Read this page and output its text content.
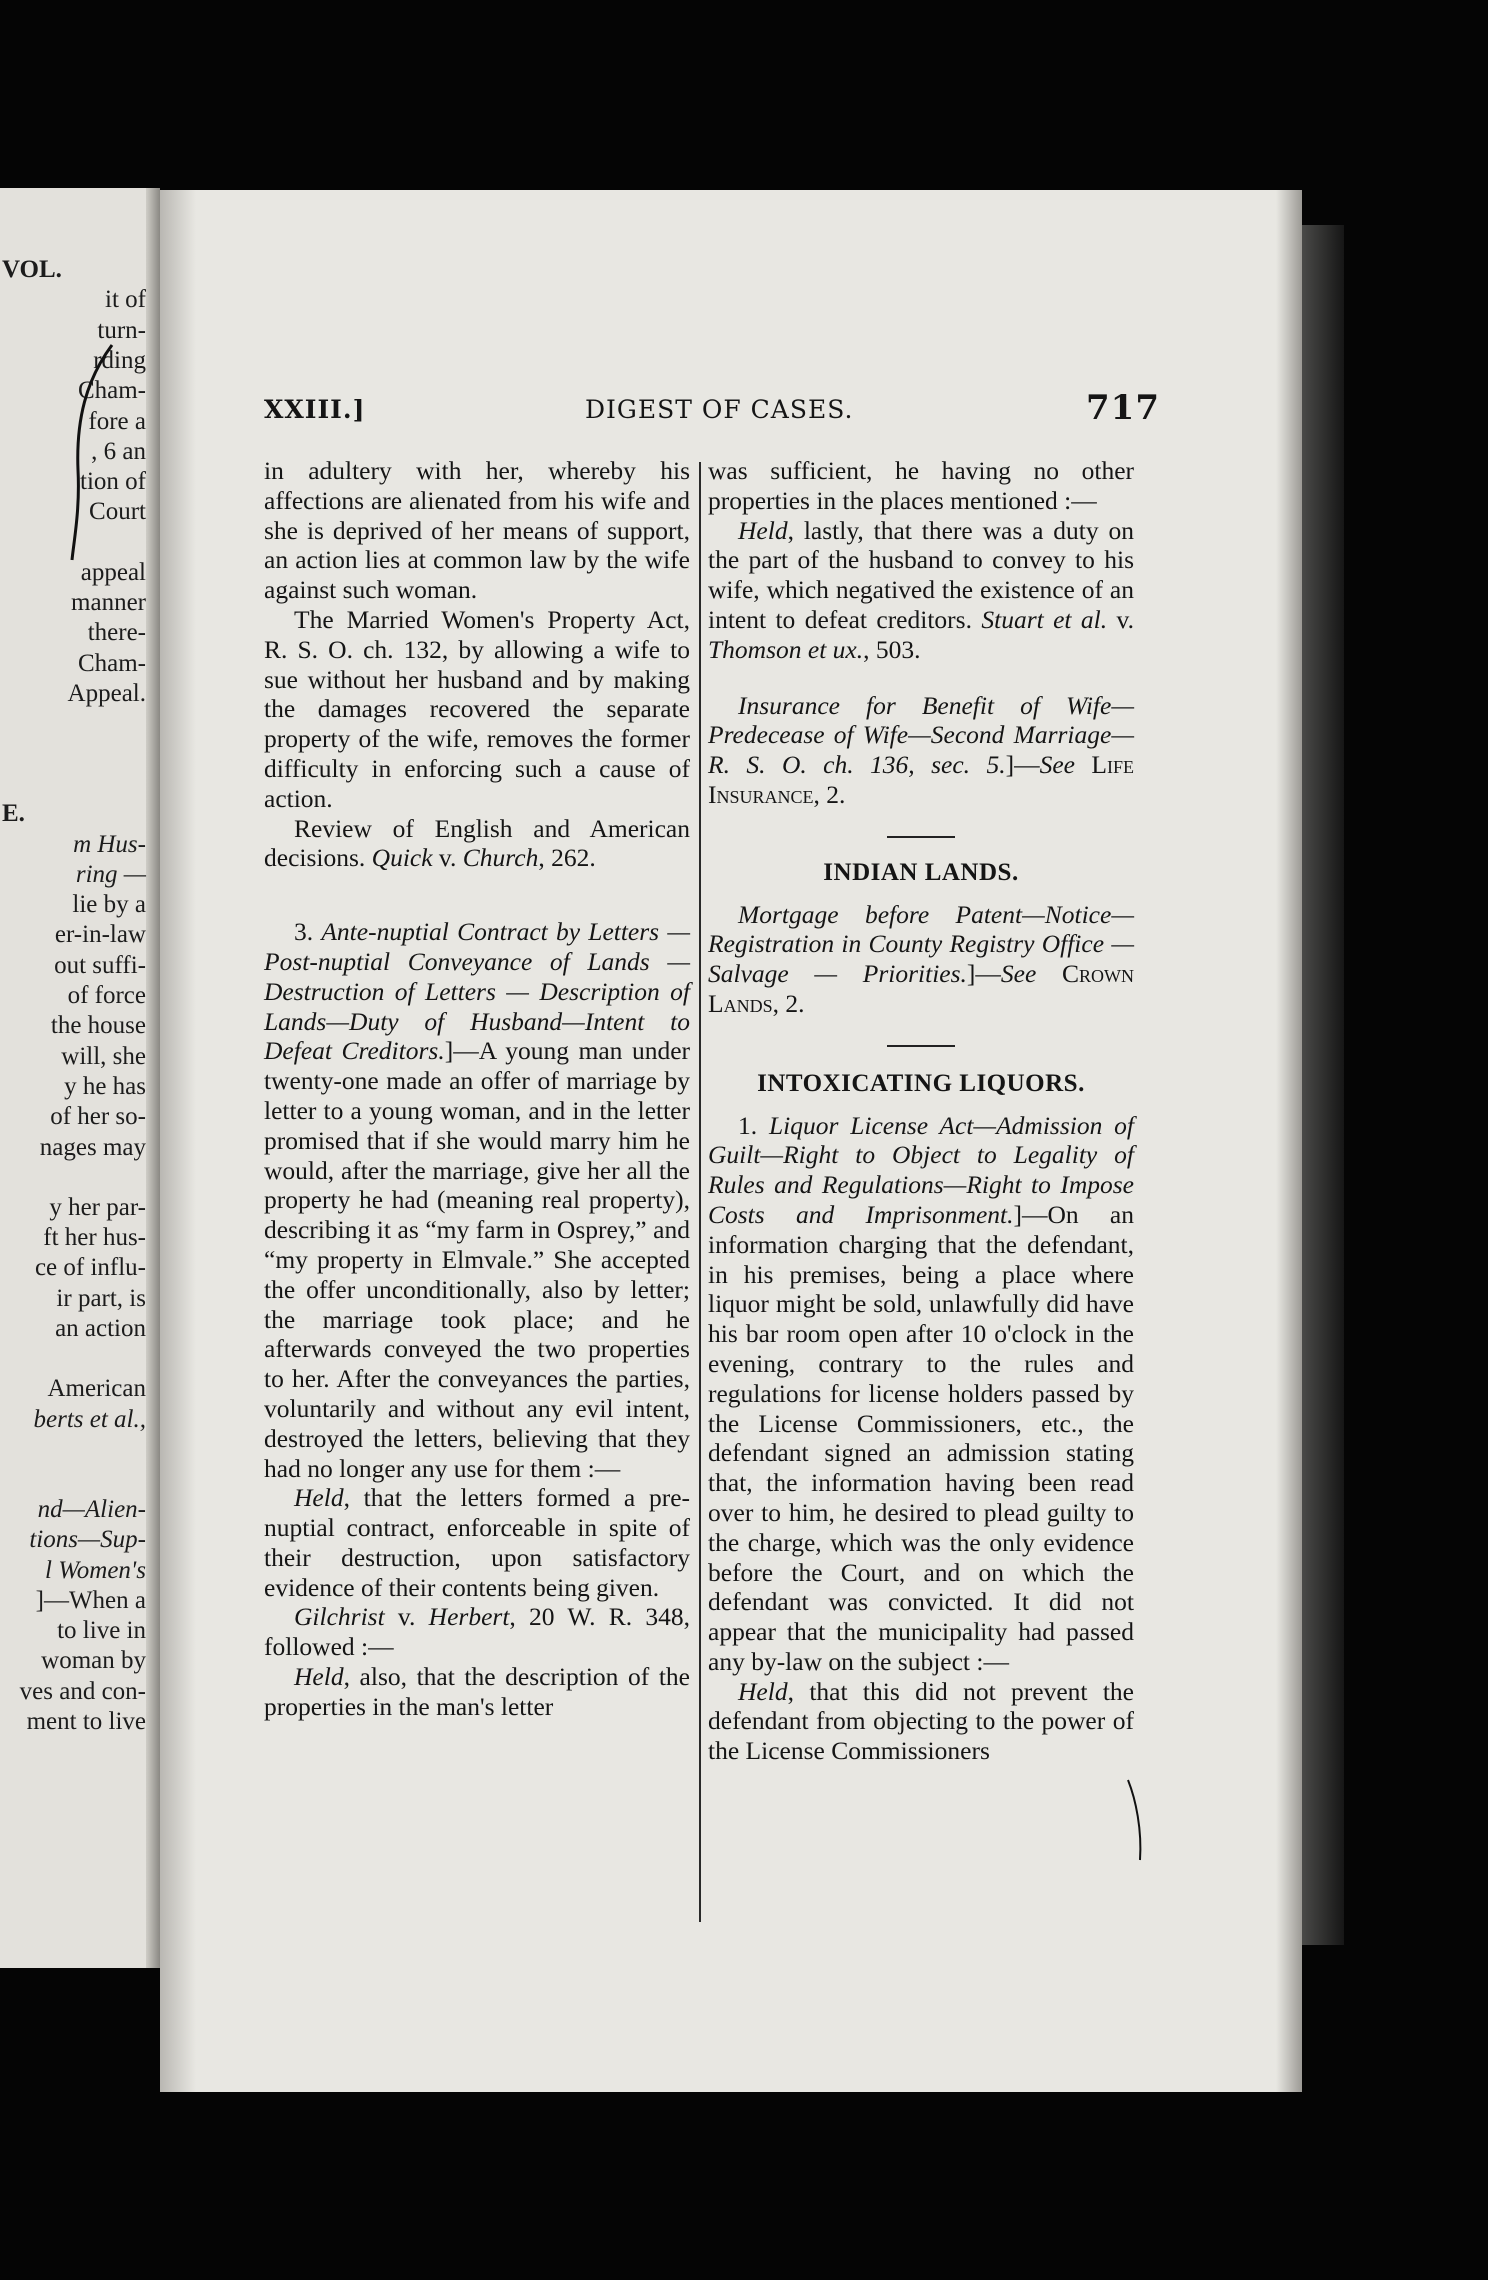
VOL.
it of
turn-
rding
Cham-
fore a
, 6 an
tion of
Court
appeal
manner
there-
Cham-
Appeal.
E.
m Hus-
ring —
lie by a
er-in-law
out suffi-
of force
the house
will, she
y he has
of her so-
nages may
y her par-
ft her hus-
ce of influ-
ir part, is
an action
American
berts et al.,
nd—Alien-
tions—Sup-
l Women's
]—When a
to live in
woman by
ves and con-
ment to live
XXIII.]	DIGEST OF CASES.	717

in adultery with her, whereby his affections are alienated from his wife and she is deprived of her means of support, an action lies at common law by the wife against such woman.

The Married Women's Property Act, R. S. O. ch. 132, by allowing a wife to sue without her husband and by making the damages recovered the separate property of the wife, removes the former difficulty in enforcing such a cause of action.

Review of English and American decisions. Quick v. Church, 262.

3. Ante-nuptial Contract by Letters — Post-nuptial Conveyance of Lands — Destruction of Letters — Description of Lands—Duty of Husband—Intent to Defeat Creditors.]—A young man under twenty-one made an offer of marriage by letter to a young woman, and in the letter promised that if she would marry him he would, after the marriage, give her all the property he had (meaning real property), describing it as “my farm in Osprey,” and “my property in Elmvale.” She accepted the offer unconditionally, also by letter; the marriage took place; and he afterwards conveyed the two properties to her. After the conveyances the parties, voluntarily and without any evil intent, destroyed the letters, believing that they had no longer any use for them :—

Held, that the letters formed a pre-nuptial contract, enforceable in spite of their destruction, upon satisfactory evidence of their contents being given.

Gilchrist v. Herbert, 20 W. R. 348, followed :—

Held, also, that the description of the properties in the man's letter

was sufficient, he having no other properties in the places mentioned :—

Held, lastly, that there was a duty on the part of the husband to convey to his wife, which negatived the existence of an intent to defeat creditors. Stuart et al. v. Thomson et ux., 503.

Insurance for Benefit of Wife—Predecease of Wife—Second Marriage—R. S. O. ch. 136, sec. 5.]—See Life Insurance, 2.

INDIAN LANDS.

Mortgage before Patent—Notice—Registration in County Registry Office — Salvage — Priorities.]—See Crown Lands, 2.

INTOXICATING LIQUORS.

1. Liquor License Act—Admission of Guilt—Right to Object to Legality of Rules and Regulations—Right to Impose Costs and Imprisonment.]—On an information charging that the defendant, in his premises, being a place where liquor might be sold, unlawfully did have his bar room open after 10 o'clock in the evening, contrary to the rules and regulations for license holders passed by the License Commissioners, etc., the defendant signed an admission stating that, the information having been read over to him, he desired to plead guilty to the charge, which was the only evidence before the Court, and on which the defendant was convicted. It did not appear that the municipality had passed any by-law on the subject :—

Held, that this did not prevent the defendant from objecting to the power of the License Commissioners
